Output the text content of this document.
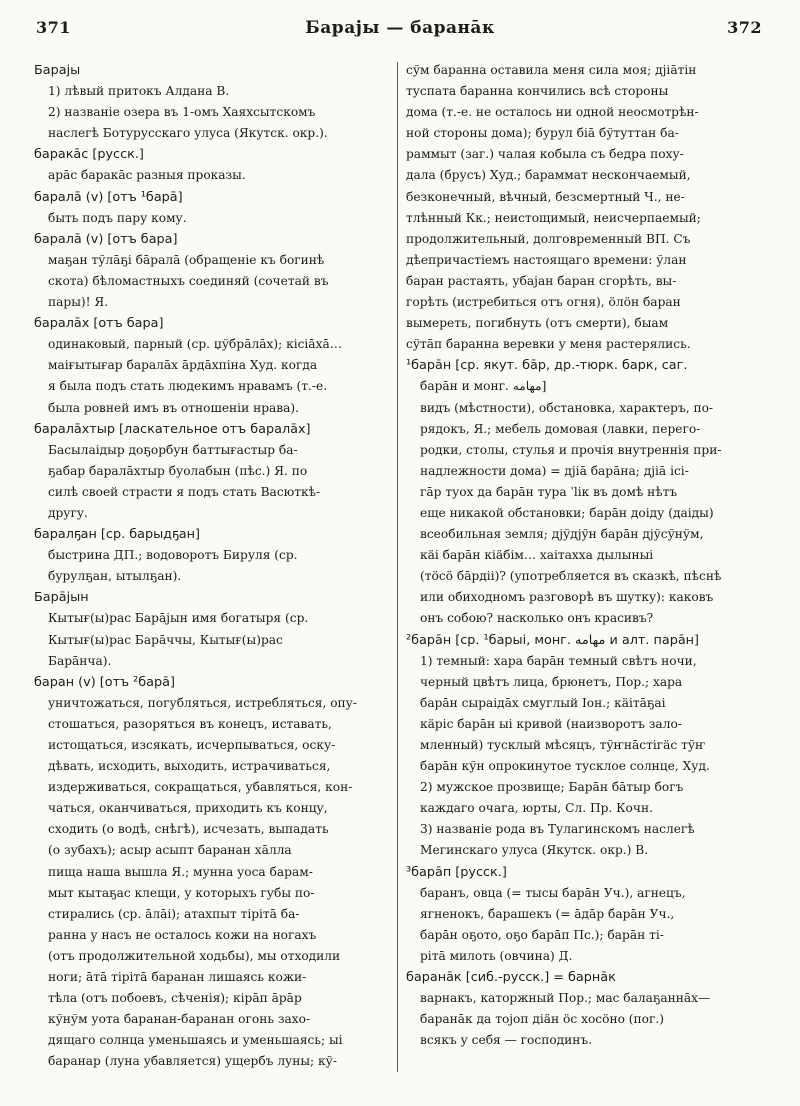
371	Барајы — баранāк	372
Барајы
1) лѣвый притокъ Алдана В.
2) названіе озера въ 1-омъ Хаяхсытскомъ
наслегѣ Ботурусскаго улуса (Якутск. окр.).
баракāс [русск.]
арāс баракāс разныя проказы.
баралā (v) [отъ ¹барā]
быть подъ пару кому.
баралā (v) [отъ бара]
маҕан тўлāҕі бāралā (обращеніе къ богинѣ
скота) бѣломастныхъ соединяй (сочетай въ
пары)! Я.
баралāх [отъ бара]
одинаковый, парный (ср. џўбрāлāх); кісіāхā…
маіғытығар баралāх āрдāхпіна Худ. когда
я была подъ стать людекимъ нравамъ (т.-е.
была ровней имъ въ отношеніи нрава).
баралāхтыр [ласкательное отъ баралāх]
Басылаідыр доҕорбун баттығастыр ба-
ҕабар баралāхтыр буолабын (пѣс.) Я. по
силѣ своей страсти я подъ стать Васюткѣ-
другу.
баралҕан [ср. барыдҕан]
быстрина ДП.; водоворотъ Бируля (ср.
бурулҕан, ытылҕан).
Барāјын
Кытығ(ы)рас Барāјын имя богатыря (ср.
Кытығ(ы)рас Барāччы, Кытығ(ы)рас
Барāнча).
баран (v) [отъ ²барā]
уничтожаться, погубляться, истребляться, опу-
стошаться, разоряться въ конецъ, иставать,
истощаться, изсякать, исчерпываться, оску-
дѣвать, исходить, выходить, истрачиваться,
издерживаться, сокращаться, убавляться, кон-
чаться, оканчиваться, приходить къ концу,
сходить (о водѣ, снѣгѣ), исчезать, выпадать
(о зубахъ); асыр асыпт баранан хāлла
пища наша вышла Я.; мунна уоса барам-
мыт кытаҕас клещи, у которыхъ губы по-
стирались (ср. āлāі); атахпыт тірітā ба-
ранна у насъ не осталось кожи на ногахъ
(отъ продолжительной ходьбы), мы отходили
ноги; āтā тірітā баранан лишаясь кожи-
тѣла (отъ побоевъ, сѣченія); кірāп āрāр
кўнўм уота баранан-баранан огонь захо-
дящаго солнца уменьшаясь и уменьшаясь; ыі
баранар (луна убавляется) ущербъ луны; кў-
сўм баранна оставила меня сила моя; дјіāтін
туспата баранна кончились всѣ стороны
дома (т.-е. не осталось ни одной неосмотрѣн-
ной стороны дома); бурул бiā бўтуттан ба-
раммыт (заг.) чалая кобыла съ бедра поху-
дала (брусъ) Худ.; бараммат нескончаемый,
безконечный, вѣчный, безсмертный Ч., не-
тлѣнный Кк.; неистощимый, неисчерпаемый;
продолжительный, долговременный ВП. Съ
дѣепричастіемъ настоящаго времени: ўлан
баран растаять, убајан баран сгорѣть, вы-
горѣть (истребиться отъ огня), öлöн баран
вымереть, погибнуть (отъ смерти), быам
сўтāп баранна веревки у меня растерялись.
¹барāн [ср. якут. бāр, др.-тюрк. барк, саг.
барāн и монг. ﻣﻬﺎﻣﻪ]
видъ (мѣстности), обстановка, характеръ, по-
рядокъ, Я.; мебель домовая (лавки, перего-
родки, столы, стулья и прочія внутреннія при-
надлежности дома) = дјіā барāна; дјіā ісі-
гāр туох да барāн тура ˈlік въ домѣ нѣтъ
еще никакой обстановки; барāн доіду (даіды)
всеобильная земля; дјўдјўн барāн дјўсўнўм,
кäі барāн кiäбiм… хаітахха дылыныі
(тöсö бāрдiі)? (употребляется въ сказкѣ, пѣснѣ
или обиходномъ разговорѣ въ шутку): каковъ
онъ собою? насколько онъ красивъ?
²барāн [ср. ¹барыі, монг. ﻣﻬﺎﻣﻪ и алт. парāн]
1) темный: хара барāн темный свѣтъ ночи,
черный цвѣтъ лица, брюнетъ, Пор.; хара
барāн сыраідāх смуглый Іон.; кäітāҕаі
кäріс барāн ыі кривой (наизворотъ зало-
мленный) тусклый мѣсяцъ, тўҥнāстiгäс тўҥ
барāн кўн опрокинутое тусклое солнце, Худ.
2) мужское прозвище; Барāн бāтыр богъ
каждаго очага, юрты, Сл. Пр. Кочн.
3) названіе рода въ Тулагинскомъ наслегѣ
Мегинскаго улуса (Якутск. окр.) В.
³барāп [русск.]
баранъ, овца (= тысы барāн Уч.), агнецъ,
ягненокъ, барашекъ (= āдāр барāн Уч.,
барāн оҕото, оҕо барāп Пс.); барāн ті-
рітā милоть (овчина) Д.
баранāк [сиб.-русск.] = барнāк
варнакъ, каторжный Пор.; мас балаҕаннāх—
баранāк да тојоп діäн öс хосöно (пог.)
всякъ у себя — господинъ.
